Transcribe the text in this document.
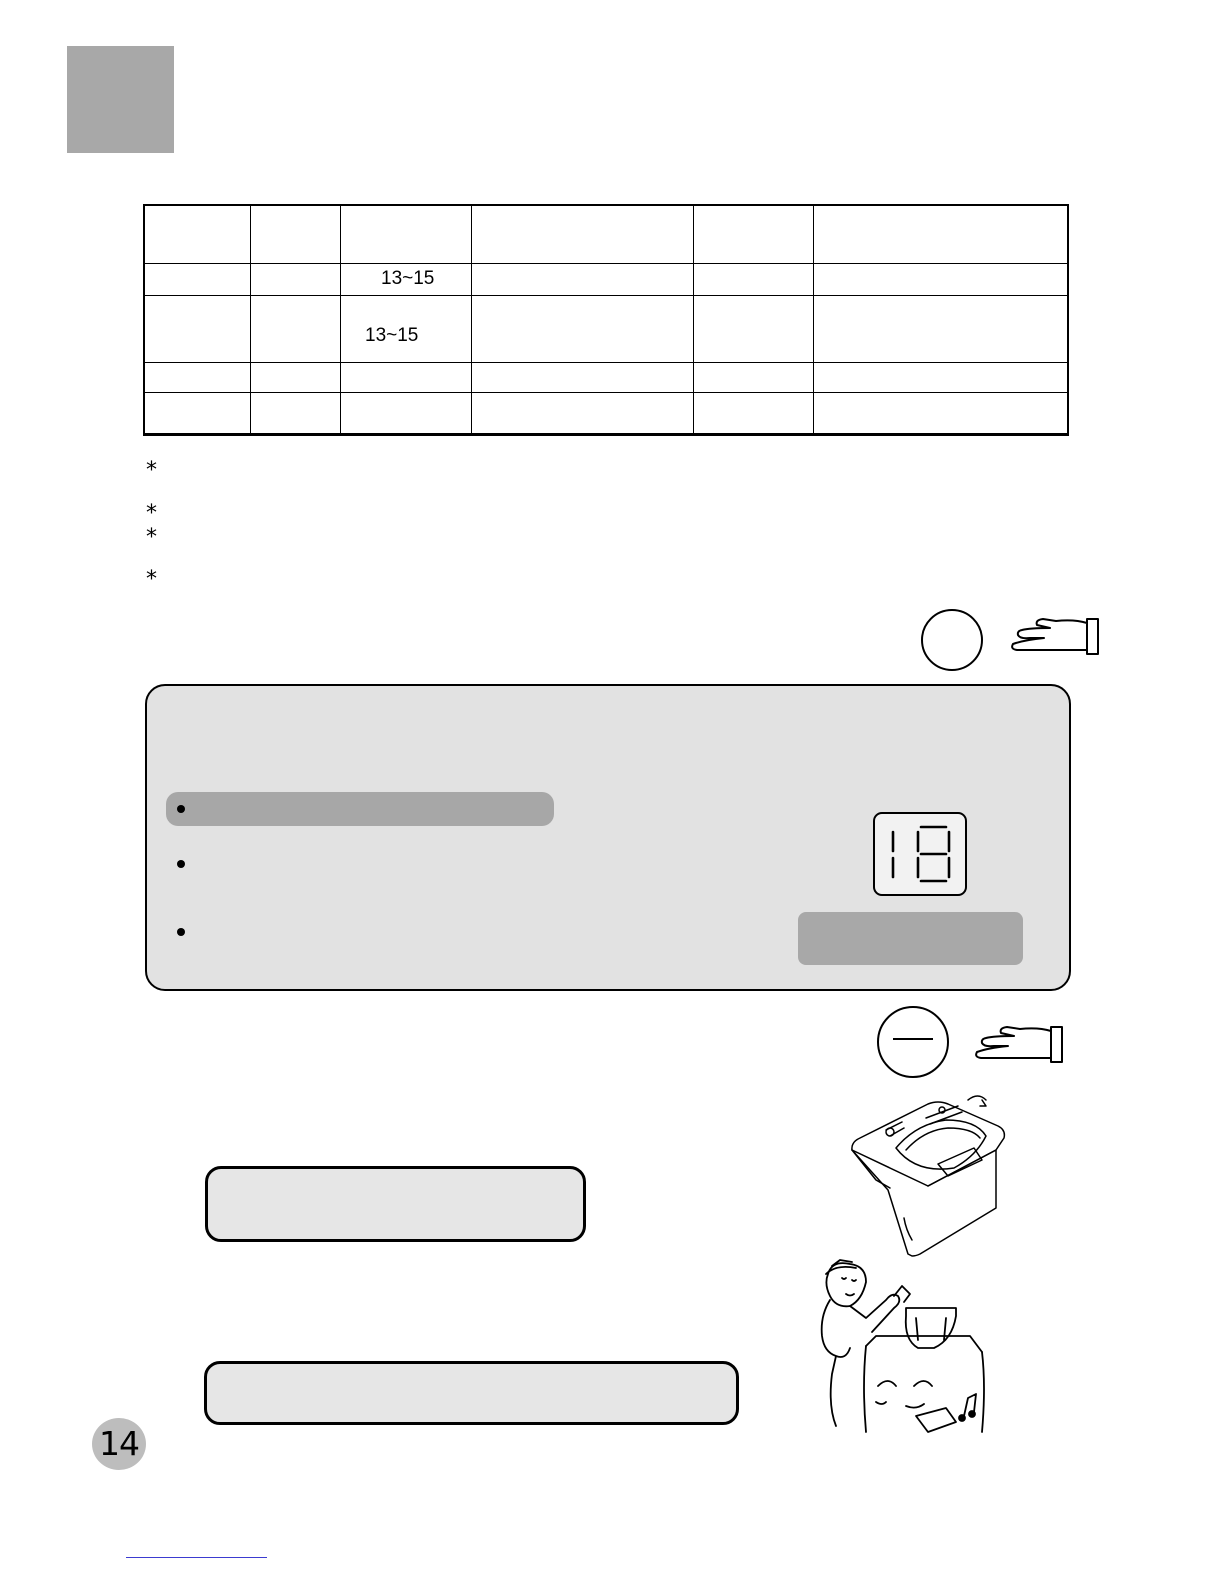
		13~15			
		13~15			

*
*
*
*
14
